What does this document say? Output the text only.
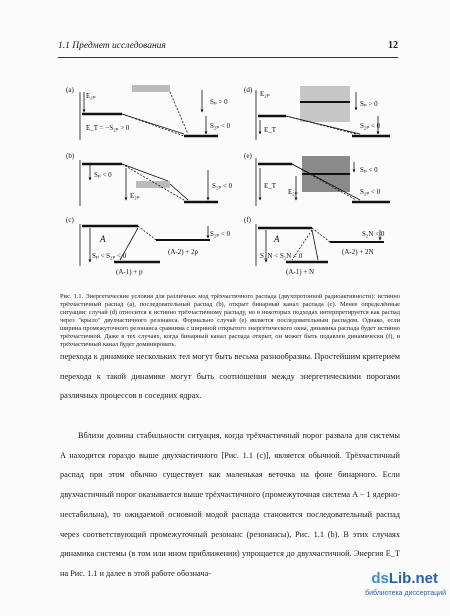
1.1 Предмет исследования	12
(a)
E₂ₚ
E_T = −S₂ₚ > 0
Sₚ > 0
S₂ₚ < 0
(b)
Sₚ < 0
E₂ₚ
S₂ₚ < 0
(c)
A	S₂ₚ < 0
Sₚ < S₂ₚ < 0	(A-2) + 2p
(A-1) + p
(d) E₂ₚ
Sₚ > 0
E_T	S₂ₚ < 0
(e)
Sₚ < 0
E_T
E₂ₚ	S₂ₚ < 0
(f)
A	S₂N < 0
S_N < S₂N < 0	(A-2) + 2N
(A-1) + N
Рис. 1.1. Энергетические условия для различных мод трёхчастичного распада (двухпротонной радиоактивности): истинно трёхчастичный распад (a), последовательный распад (b), открыт бинарный канал распада (c). Менее определённые ситуации: случай (d) относится к истинно трёхчастичному распаду, но в некоторых подходах интерпретируется как распад через "крыло" двухчастичного резонанса. Формально случай (e) является последовательным распадом. Однако, если ширина промежуточного резонанса сравнима с шириной открытого энергетического окна, динамика распада будет истинно трёхчастичной. Даже в тех случаях, когда бинарный канал распада открыт, он может быть подавлен динамически (f), и трёхчастичный канал будет доминировать.
перехода к динамике нескольких тел могут быть весьма разнообразны. Простейшим критерием перехода к такой динамике могут быть соотношения между энергетическими порогами различных процессов в соседних ядрах.
Вблизи долины стабильности ситуация, когда трёхчастичный порог развала для системы A находится гораздо выше двухчастичного [Рис. 1.1 (c)], является обычной. Трёхчастичный распад при этом обычно существует как маленькая веточка на фоне бинарного. Если двухчастичный порог оказывается выше трёхчастичного (промежуточная система A − 1 ядерно-нестабильна), то ожидаемой основной модой распада становится последовательный распад через соответствующий промежуточный резонанс (резонансы), Рис. 1.1 (b). В этих случаях динамика системы (в том или ином приближении) упрощается до двухчастичной. Энергия E_T на Рис. 1.1 и далее в этой работе обознача-	dsLib.net
библиотека диссертаций
